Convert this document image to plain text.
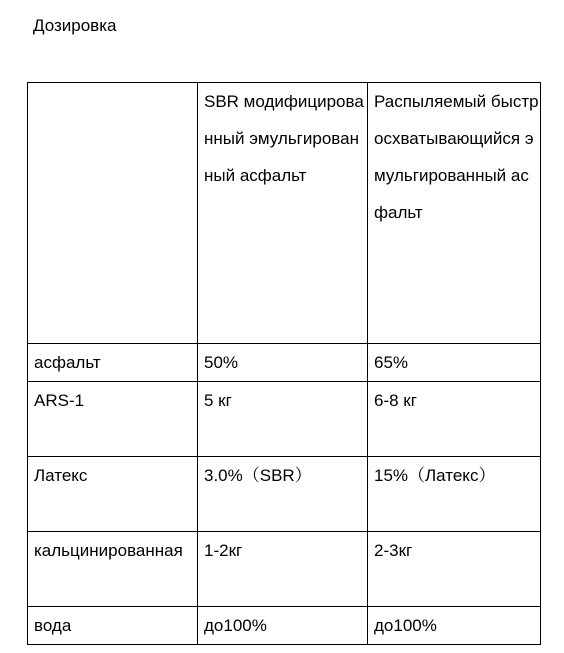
Дозировка

	SBR модифицированный эмульгированный асфальт	Распыляемый быстросхватывающийся эмульгированный асфальт

асфальт	50%	65%

ARS-1	5 кг	6-8 кг

Латекс	3.0%（SBR）	15%（Латекс）

кальцинированная	1-2кг	2-3кг

вода	до100%	до100%
